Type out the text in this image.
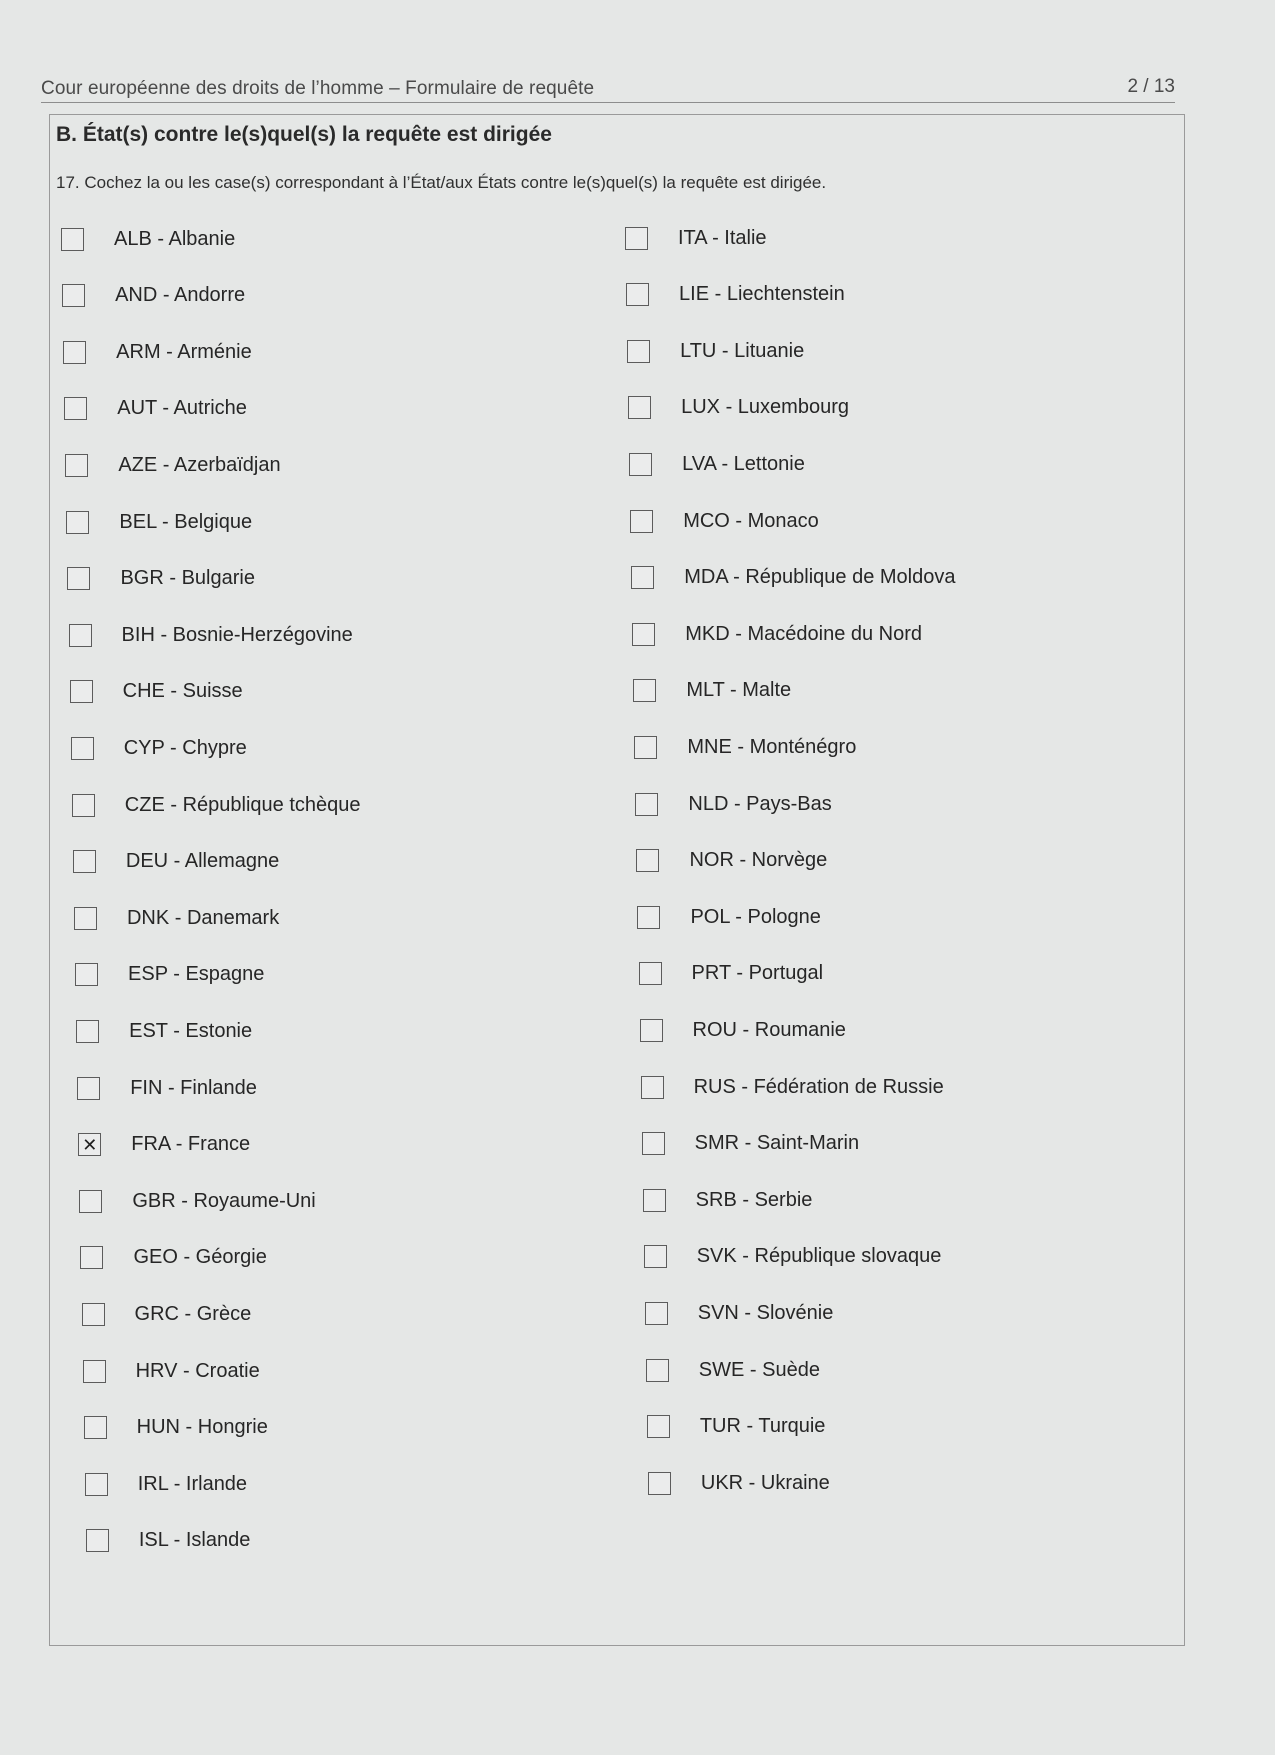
Cour européenne des droits de l’homme – Formulaire de requête	2 / 13
B. État(s) contre le(s)quel(s) la requête est dirigée
17. Cochez la ou les case(s) correspondant à l’État/aux États contre le(s)quel(s) la requête est dirigée.
ALB - Albanie
AND - Andorre
ARM - Arménie
AUT - Autriche
AZE - Azerbaïdjan
BEL - Belgique
BGR - Bulgarie
BIH - Bosnie-Herzégovine
CHE - Suisse
CYP - Chypre
CZE - République tchèque
DEU - Allemagne
DNK - Danemark
ESP - Espagne
EST - Estonie
FIN - Finlande
✕ FRA - France
GBR - Royaume-Uni
GEO - Géorgie
GRC - Grèce
HRV - Croatie
HUN - Hongrie
IRL - Irlande
ISL - Islande
ITA - Italie
LIE - Liechtenstein
LTU - Lituanie
LUX - Luxembourg
LVA - Lettonie
MCO - Monaco
MDA - République de Moldova
MKD - Macédoine du Nord
MLT - Malte
MNE - Monténégro
NLD - Pays-Bas
NOR - Norvège
POL - Pologne
PRT - Portugal
ROU - Roumanie
RUS - Fédération de Russie
SMR - Saint-Marin
SRB - Serbie
SVK - République slovaque
SVN - Slovénie
SWE - Suède
TUR - Turquie
UKR - Ukraine
